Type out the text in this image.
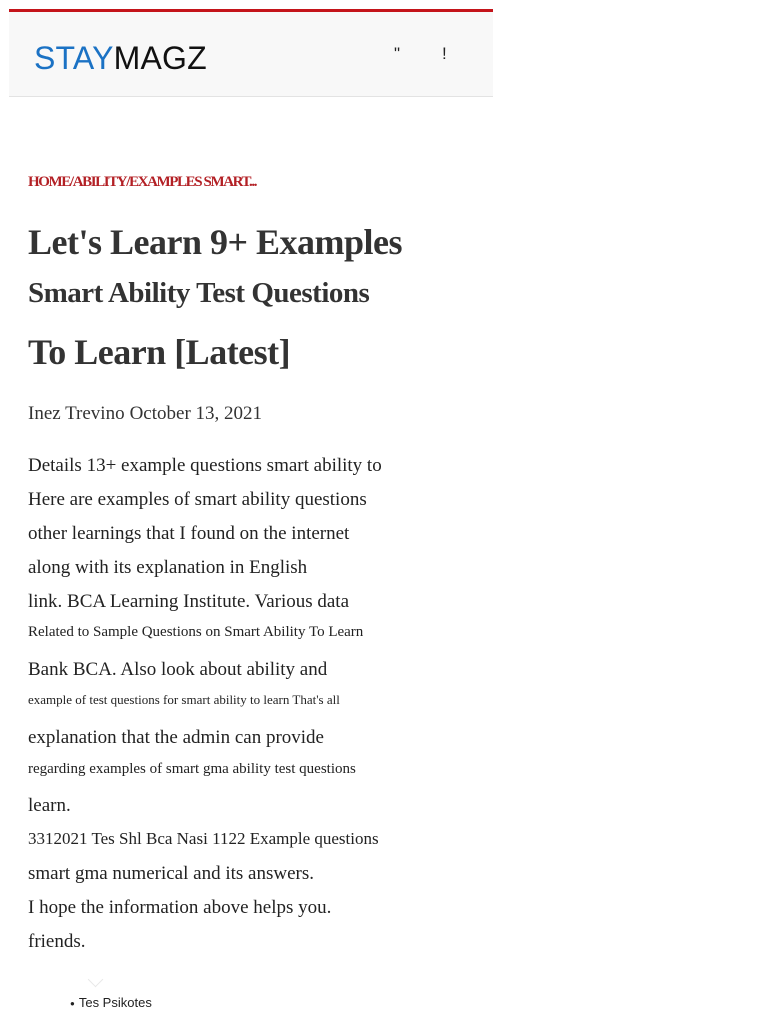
STAYMAGZ	" !
HOME/ABILITY/EXAMPLES SMART...
Let's Learn 9+ Examples
Smart Ability Test Questions
To Learn [Latest]
Inez Trevino October 13, 2021
Details 13+ example questions smart ability to
Here are examples of smart ability questions
other learnings that I found on the internet
along with its explanation in English
link. BCA Learning Institute. Various data
Related to Sample Questions on Smart Ability To Learn
Bank BCA. Also look about ability and
example of test questions for smart ability to learn That's all
explanation that the admin can provide
regarding examples of smart gma ability test questions
learn.
3312021 Tes Shl Bca Nasi 1122 Example questions
smart gma numerical and its answers.
I hope the information above helps you.
friends.
● Tes Psikotes
